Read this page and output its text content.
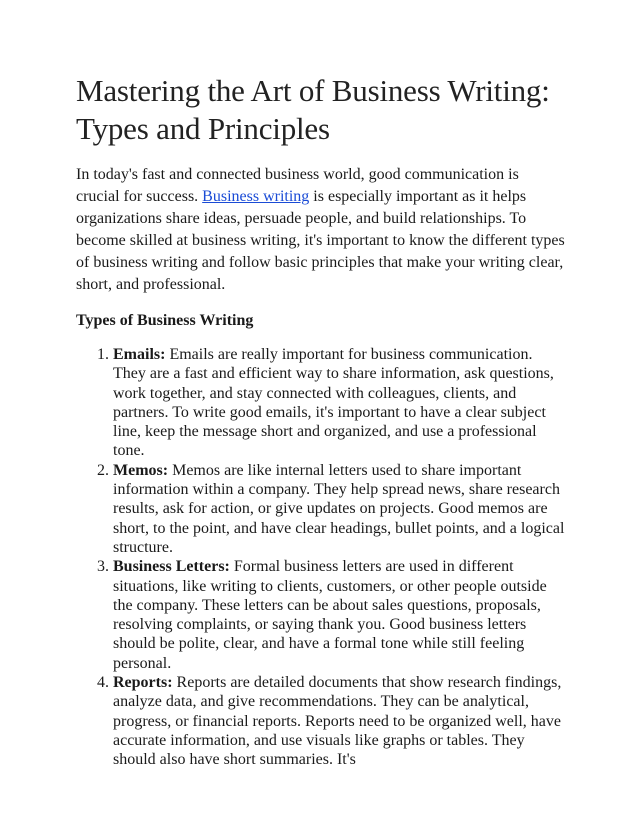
Mastering the Art of Business Writing: Types and Principles

In today's fast and connected business world, good communication is crucial for success. Business writing is especially important as it helps organizations share ideas, persuade people, and build relationships. To become skilled at business writing, it's important to know the different types of business writing and follow basic principles that make your writing clear, short, and professional.

Types of Business Writing
1. Emails: Emails are really important for business communication. They are a fast and efficient way to share information, ask questions, work together, and stay connected with colleagues, clients, and partners. To write good emails, it's important to have a clear subject line, keep the message short and organized, and use a professional tone.
2. Memos: Memos are like internal letters used to share important information within a company. They help spread news, share research results, ask for action, or give updates on projects. Good memos are short, to the point, and have clear headings, bullet points, and a logical structure.
3. Business Letters: Formal business letters are used in different situations, like writing to clients, customers, or other people outside the company. These letters can be about sales questions, proposals, resolving complaints, or saying thank you. Good business letters should be polite, clear, and have a formal tone while still feeling personal.
4. Reports: Reports are detailed documents that show research findings, analyze data, and give recommendations. They can be analytical, progress, or financial reports. Reports need to be organized well, have accurate information, and use visuals like graphs or tables. They should also have short summaries. It's
